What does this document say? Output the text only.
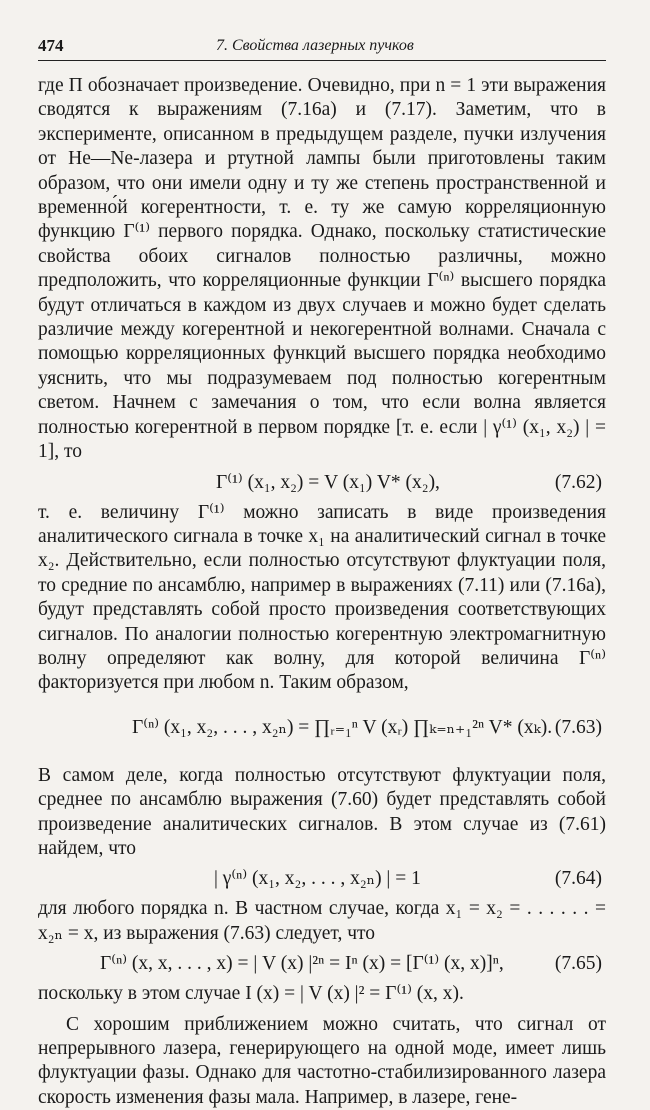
474	7. Свойства лазерных пучков

где Π обозначает произведение. Очевидно, при n = 1 эти выражения сводятся к выражениям (7.16а) и (7.17). Заметим, что в эксперименте, описанном в предыдущем разделе, пучки излучения от He—Ne-лазера и ртутной лампы были приготовлены таким образом, что они имели одну и ту же степень пространственной и временно́й когерентности, т. е. ту же самую корреляционную функцию Γ⁽¹⁾ первого порядка. Однако, поскольку статистические свойства обоих сигналов полностью различны, можно предположить, что корреляционные функции Γ⁽ⁿ⁾ высшего порядка будут отличаться в каждом из двух случаев и можно будет сделать различие между когерентной и некогерентной волнами. Сначала с помощью корреляционных функций высшего порядка необходимо уяснить, что мы подразумеваем под полностью когерентным светом. Начнем с замечания о том, что если волна является полностью когерентной в первом порядке [т. е. если | γ⁽¹⁾ (x₁, x₂) | = 1], то

Γ⁽¹⁾ (x₁, x₂) = V (x₁) V* (x₂),	(7.62)

т. е. величину Γ⁽¹⁾ можно записать в виде произведения аналитического сигнала в точке x₁ на аналитический сигнал в точке x₂. Действительно, если полностью отсутствуют флуктуации поля, то средние по ансамблю, например в выражениях (7.11) или (7.16а), будут представлять собой просто произведения соответствующих сигналов. По аналогии полностью когерентную электромагнитную волну определяют как волну, для которой величина Γ⁽ⁿ⁾ факторизуется при любом n. Таким образом,

Γ⁽ⁿ⁾ (x₁, x₂, . . . , x₂ₙ) = ∏ᵣ₌₁ⁿ V (xᵣ) ∏ₖ₌ₙ₊₁²ⁿ V* (xₖ). (7.63)

В самом деле, когда полностью отсутствуют флуктуации поля, среднее по ансамблю выражения (7.60) будет представлять собой произведение аналитических сигналов. В этом случае из (7.61) найдем, что

| γ⁽ⁿ⁾ (x₁, x₂, . . . , x₂ₙ) | = 1	(7.64)

для любого порядка n. В частном случае, когда x₁ = x₂ = . . . . . . = x₂ₙ = x, из выражения (7.63) следует, что

Γ⁽ⁿ⁾ (x, x, . . . , x) = | V (x) |²ⁿ = Iⁿ (x) = [Γ⁽¹⁾ (x, x)]ⁿ,	(7.65)

поскольку в этом случае I (x) = | V (x) |² = Γ⁽¹⁾ (x, x).

С хорошим приближением можно считать, что сигнал от непрерывного лазера, генерирующего на одной моде, имеет лишь флуктуации фазы. Однако для частотно-стабилизированного лазера скорость изменения фазы мала. Например, в лазере, гене-
